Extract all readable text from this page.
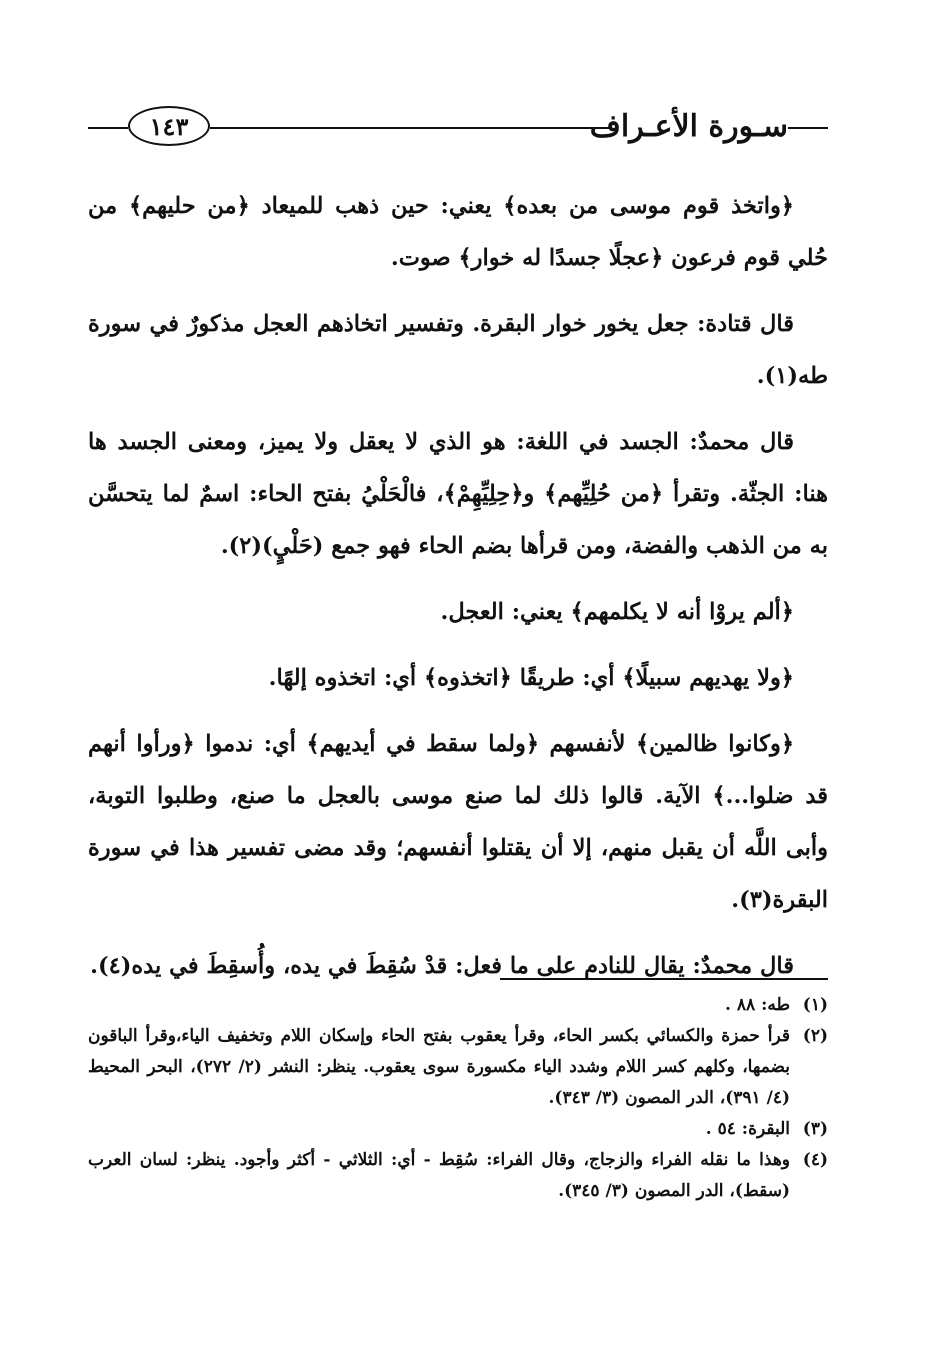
١٤٣	سـورة الأعـراف

﴿واتخذ قوم موسى من بعده﴾ يعني: حين ذهب للميعاد ﴿من حليهم﴾ من حُلي قوم فرعون ﴿عجلًا جسدًا له خوار﴾ صوت.

قال قتادة: جعل يخور خوار البقرة. وتفسير اتخاذهم العجل مذكورٌ في سورة طه(١).

قال محمدٌ: الجسد في اللغة: هو الذي لا يعقل ولا يميز، ومعنى الجسد ها هنا: الجثّة. وتقرأ ﴿من حُلِيِّهم﴾ و﴿حِلِيِّهِمْ﴾، فالْحَلْيُ بفتح الحاء: اسمٌ لما يتحسَّن به من الذهب والفضة، ومن قرأها بضم الحاء فهو جمع (حَلْيٍ)(٢).

﴿ألم يروْا أنه لا يكلمهم﴾ يعني: العجل.

﴿ولا يهديهم سبيلًا﴾ أي: طريقًا ﴿اتخذوه﴾ أي: اتخذوه إلهًا.

﴿وكانوا ظالمين﴾ لأنفسهم ﴿ولما سقط في أيديهم﴾ أي: ندموا ﴿ورأوا أنهم قد ضلوا...﴾ الآية. قالوا ذلك لما صنع موسى بالعجل ما صنع، وطلبوا التوبة، وأبى اللَّه أن يقبل منهم، إلا أن يقتلوا أنفسهم؛ وقد مضى تفسير هذا في سورة البقرة(٣).

قال محمدٌ: يقال للنادم على ما فعل: قدْ سُقِطَ في يده، وأُسقِطَ في يده(٤).

(١)
طه: ٨٨ .
(٢)
قرأ حمزة والكسائي بكسر الحاء، وقرأ يعقوب بفتح الحاء وإسكان اللام وتخفيف الياء،وقرأ الباقون بضمها، وكلهم كسر اللام وشدد الياء مكسورة سوى يعقوب. ينظر: النشر (٢/ ٢٧٢)، البحر المحيط (٤/ ٣٩١)، الدر المصون (٣/ ٣٤٣).
(٣)
البقرة: ٥٤ .
(٤)
وهذا ما نقله الفراء والزجاج، وقال الفراء: سُقِط - أي: الثلاثي - أكثر وأجود. ينظر: لسان العرب (سقط)، الدر المصون (٣/ ٣٤٥).
